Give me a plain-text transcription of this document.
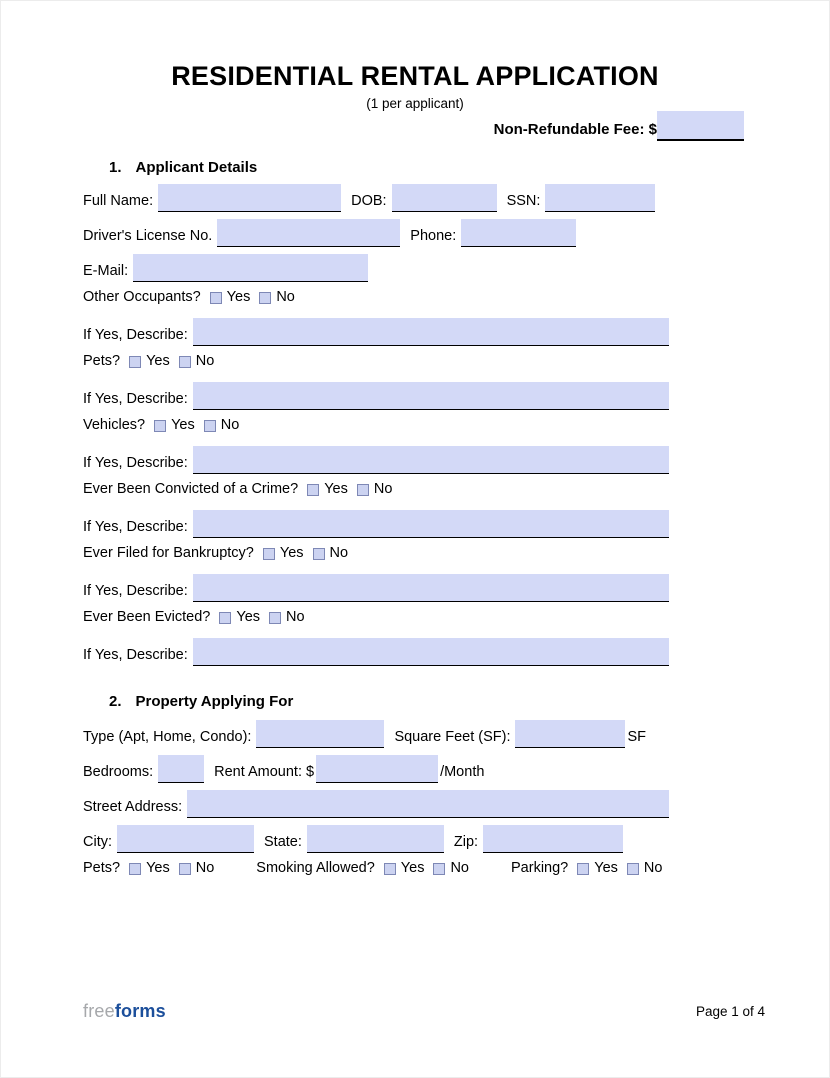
RESIDENTIAL RENTAL APPLICATION
(1 per applicant)
Non-Refundable Fee: $
1. Applicant Details
Full Name:	DOB:	SSN:
Driver's License No.	Phone:
E-Mail:
Other Occupants? Yes No
If Yes, Describe:
Pets? Yes No
If Yes, Describe:
Vehicles? Yes No
If Yes, Describe:
Ever Been Convicted of a Crime? Yes No
If Yes, Describe:
Ever Filed for Bankruptcy? Yes No
If Yes, Describe:
Ever Been Evicted? Yes No
If Yes, Describe:
2. Property Applying For
Type (Apt, Home, Condo):	Square Feet (SF):	SF
Bedrooms:	Rent Amount: $	/Month
Street Address:
City:	State:	Zip:
Pets? Yes No	Smoking Allowed? Yes No	Parking? Yes No
freeforms	Page 1 of 4
